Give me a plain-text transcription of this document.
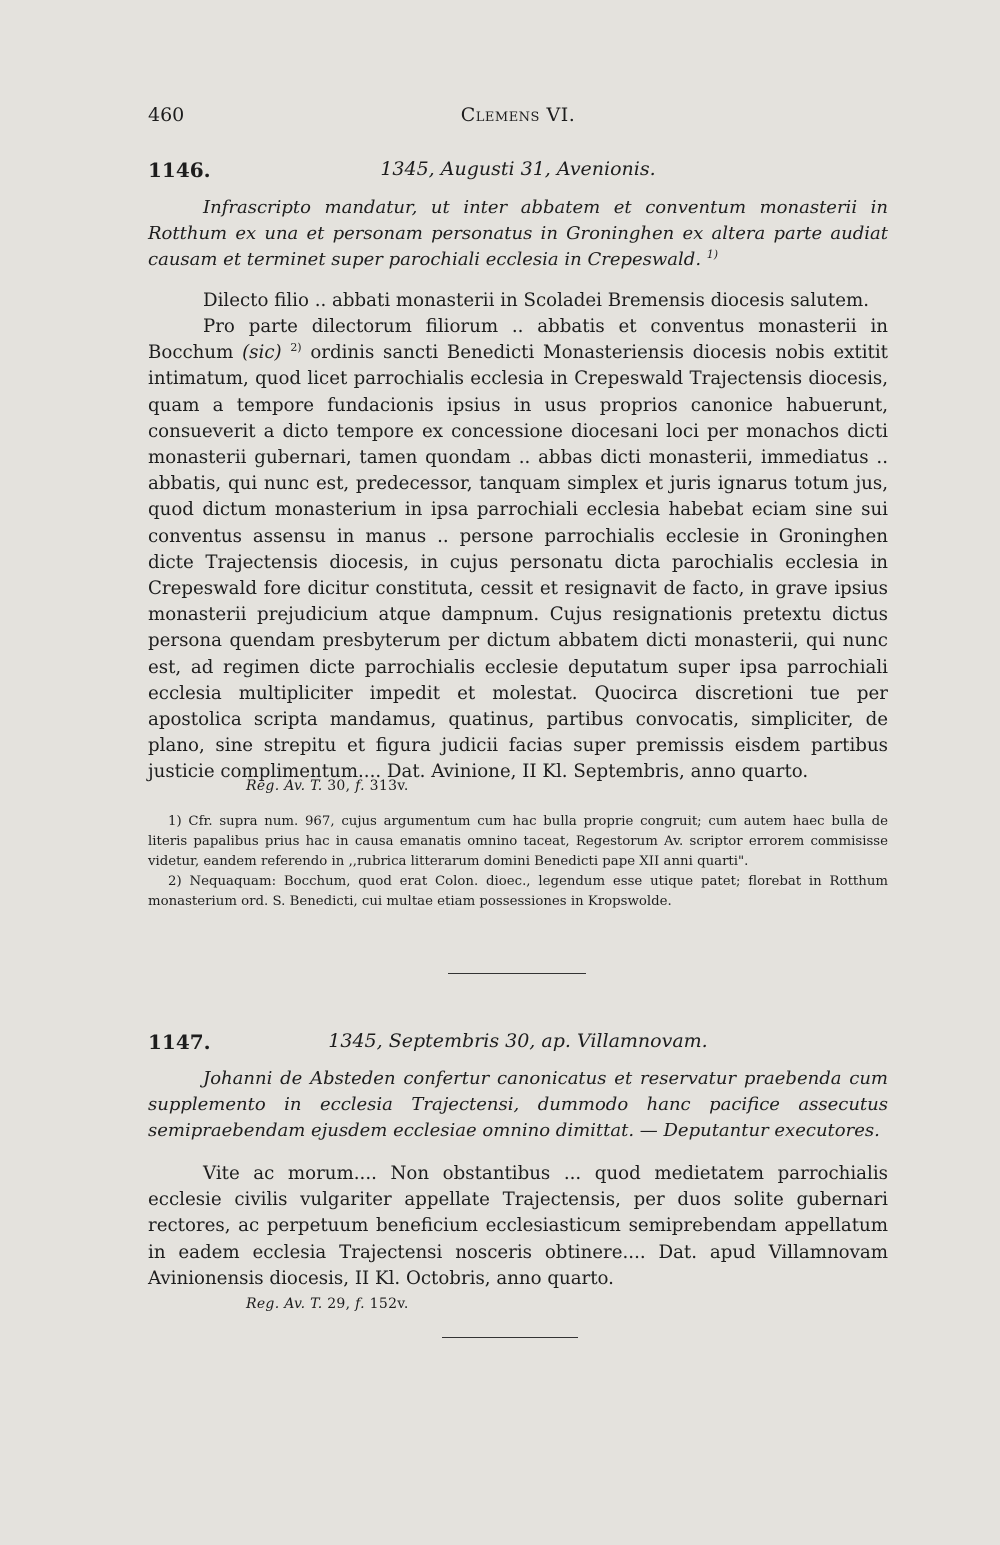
460	Clemens VI.
1146.	1345, Augusti 31, Avenionis.

Infrascripto mandatur, ut inter abbatem et conventum monasterii in Rotthum ex una et personam personatus in Groninghen ex altera parte audiat causam et terminet super parochiali ecclesia in Crepeswald. $^{1)}$

Dilecto filio .. abbati monasterii in Scoladei Bremensis diocesis salutem.

Pro parte dilectorum filiorum .. abbatis et conventus monasterii in Bocchum (sic) $^{2)}$ ordinis sancti Benedicti Monasteriensis diocesis nobis extitit intimatum, quod licet parrochialis ecclesia in Crepeswald Trajectensis diocesis, quam a tempore fundacionis ipsius in usus proprios canonice habuerunt, consueverit a dicto tempore ex concessione diocesani loci per monachos dicti monasterii gubernari, tamen quondam .. abbas dicti monasterii, immediatus .. abbatis, qui nunc est, predecessor, tanquam simplex et juris ignarus totum jus, quod dictum monasterium in ipsa parrochiali ecclesia habebat eciam sine sui conventus assensu in manus .. persone parrochialis ecclesie in Groninghen dicte Trajectensis diocesis, in cujus personatu dicta parochialis ecclesia in Crepeswald fore dicitur constituta, cessit et resignavit de facto, in grave ipsius monasterii prejudicium atque dampnum. Cujus resignationis pretextu dictus persona quendam presbyterum per dictum abbatem dicti monasterii, qui nunc est, ad regimen dicte parrochialis ecclesie deputatum super ipsa parrochiali ecclesia multipliciter impedit et molestat. Quocirca discretioni tue per apostolica scripta mandamus, quatinus, partibus convocatis, simpliciter, de plano, sine strepitu et figura judicii facias super premissis eisdem partibus justicie complimentum.... Dat. Avinione, II Kl. Septembris, anno quarto.

Reg. Av. T. 30, f. 313v.

1) Cfr. supra num. 967, cujus argumentum cum hac bulla proprie congruit; cum autem haec bulla de literis papalibus prius hac in causa emanatis omnino taceat, Regestorum Av. scriptor errorem commisisse videtur, eandem referendo in ,,rubrica litterarum domini Benedicti pape XII anni quarti".

2) Nequaquam: Bocchum, quod erat Colon. dioec., legendum esse utique patet; florebat in Rotthum monasterium ord. S. Benedicti, cui multae etiam possessiones in Kropswolde.

1147.	1345, Septembris 30, ap. Villamnovam.

Johanni de Absteden confertur canonicatus et reservatur praebenda cum supplemento in ecclesia Trajectensi, dummodo hanc pacifice assecutus semipraebendam ejusdem ecclesiae omnino dimittat. — Deputantur executores.

Vite ac morum.... Non obstantibus ... quod medietatem parrochialis ecclesie civilis vulgariter appellate Trajectensis, per duos solite gubernari rectores, ac perpetuum beneficium ecclesiasticum semiprebendam appellatum in eadem ecclesia Trajectensi nosceris obtinere.... Dat. apud Villamnovam Avinionensis diocesis, II Kl. Octobris, anno quarto.

Reg. Av. T. 29, f. 152v.
